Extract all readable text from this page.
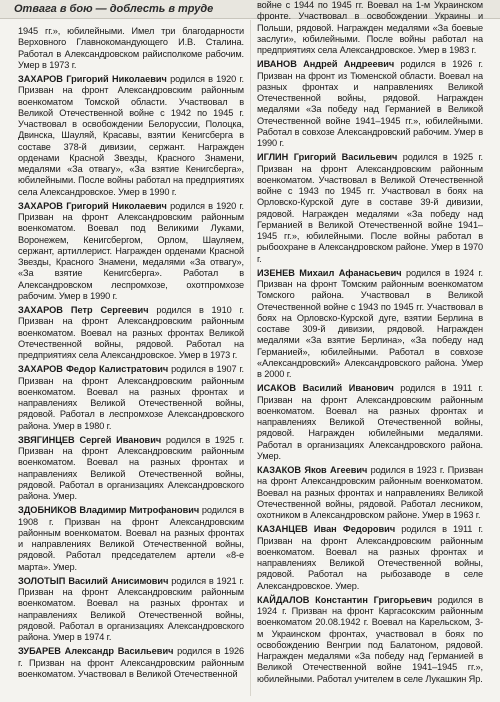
Отвага в бою — доблесть в труде

1945 гг.», юбилейными. Имел три благодарности Верховного Главнокомандующего И.В. Сталина. Работал в Александровском райисполкоме рабочим. Умер в 1973 г.

ЗАХАРОВ Григорий Николаевич родился в 1920 г. Призван на фронт Александровским районным военкоматом Томской области. Участвовал в Великой Отечественной войне с 1942 по 1945 г. Участвовал в освобождении Белоруссии, Полоцка, Двинска, Шауляй, Красавы, взятии Кенигсберга в составе 378-й дивизии, сержант. Награжден орденами Красной Звезды, Красного Знамени, медалями «За отвагу», «За взятие Кенигсберга», юбилейными. После войны работал на предприятиях села Александровское. Умер в 1990 г.

ЗАХАРОВ Григорий Николаевич родился в 1920 г. Призван на фронт Александровским районным военкоматом. Воевал под Великими Луками, Воронежем, Кенигсбергом, Орлом, Шауляем, сержант, артиллерист. Награжден орденами Красной Звезды, Красного Знамени, медалями «За отвагу», «За взятие Кенигсберга». Работал в Александровском леспромхозе, охотпромхозе рабочим. Умер в 1990 г.

ЗАХАРОВ Петр Сергеевич родился в 1910 г. Призван на фронт Александровским районным военкоматом. Воевал на разных фронтах Великой Отечественной войны, рядовой. Работал на предприятиях села Александровское. Умер в 1973 г.

ЗАХАРОВ Федор Калистратович родился в 1907 г. Призван на фронт Александровским районным военкоматом. Воевал на разных фронтах и направлениях Великой Отечественной войны, рядовой. Работал в леспромхозе Александровского района. Умер в 1980 г.

ЗВЯГИНЦЕВ Сергей Иванович родился в 1925 г. Призван на фронт Александровским районным военкоматом. Воевал на разных фронтах и направлениях Великой Отечественной войны, рядовой. Работал в организациях Александровского района. Умер.

ЗДОБНИКОВ Владимир Митрофанович родился в 1908 г. Призван на фронт Александровским районным военкоматом. Воевал на разных фронтах и направлениях Великой Отечественной войны, рядовой. Работал председателем артели «8-е марта». Умер.

ЗОЛОТЫП Василий Анисимович родился в 1921 г. Призван на фронт Александровским районным военкоматом. Воевал на разных фронтах и направлениях Великой Отечественной войны, рядовой. Работал в организациях Александровского района. Умер в 1974 г.

ЗУБАРЕВ Александр Васильевич родился в 1926 г. Призван на фронт Александровским районным военкоматом. Участвовал в Великой Отечественной

войне с 1944 по 1945 гг. Воевал на 1-м Украинском фронте. Участвовал в освобождении Украины и Польши, рядовой. Награжден медалями «За боевые заслуги», юбилейными. После войны работал на предприятиях села Александровское. Умер в 1983 г.

ИВАНОВ Андрей Андреевич родился в 1926 г. Призван на фронт из Тюменской области. Воевал на разных фронтах и направлениях Великой Отечественной войны, рядовой. Награжден медалями «За победу над Германией в Великой Отечественной войне 1941–1945 гг.», юбилейными. Работал в совхозе Александровский рабочим. Умер в 1990 г.

ИГЛИН Григорий Васильевич родился в 1925 г. Призван на фронт Александровским районным военкоматом. Участвовал в Великой Отечественной войне с 1943 по 1945 гг. Участвовал в боях на Орловско-Курской дуге в составе 39-й дивизии, рядовой. Награжден медалями «За победу над Германией в Великой Отечественной войне 1941–1945 гг.», юбилейными. После войны работал в рыбоохране в Александровском районе. Умер в 1970 г.

ИЗЕНЕВ Михаил Афанасьевич родился в 1924 г. Призван на фронт Томским районным военкоматом Томского района. Участвовал в Великой Отечественной войне с 1943 по 1945 гг. Участвовал в боях на Орловско-Курской дуге, взятии Берлина в составе 309-й дивизии, рядовой. Награжден медалями «За взятие Берлина», «За победу над Германией», юбилейными. Работал в совхозе «Александровский» Александровского района. Умер в 2000 г.

ИСАКОВ Василий Иванович родился в 1911 г. Призван на фронт Александровским районным военкоматом. Воевал на разных фронтах и направлениях Великой Отечественной войны, рядовой. Награжден юбилейными медалями. Работал в организациях Александровского района. Умер.

КАЗАКОВ Яков Агеевич родился в 1923 г. Призван на фронт Александровским районным военкоматом. Воевал на разных фронтах и направлениях Великой Отечественной войны, рядовой. Работал лесником, охотником в Александровском районе. Умер в 1963 г.

КАЗАНЦЕВ Иван Федорович родился в 1911 г. Призван на фронт Александровским районным военкоматом. Воевал на разных фронтах и направлениях Великой Отечественной войны, рядовой. Работал на рыбозаводе в селе Александровское. Умер.

КАЙДАЛОВ Константин Григорьевич родился в 1924 г. Призван на фронт Каргасокским районным военкоматом 20.08.1942 г. Воевал на Карельском, 3-м Украинском фронтах, участвовал в боях по освобождению Венгрии под Балатоном, рядовой. Награжден медалями «За победу над Германией в Великой Отечественной войне 1941–1945 гг.», юбилейными. Работал учителем в селе Лукашкин Яр.
